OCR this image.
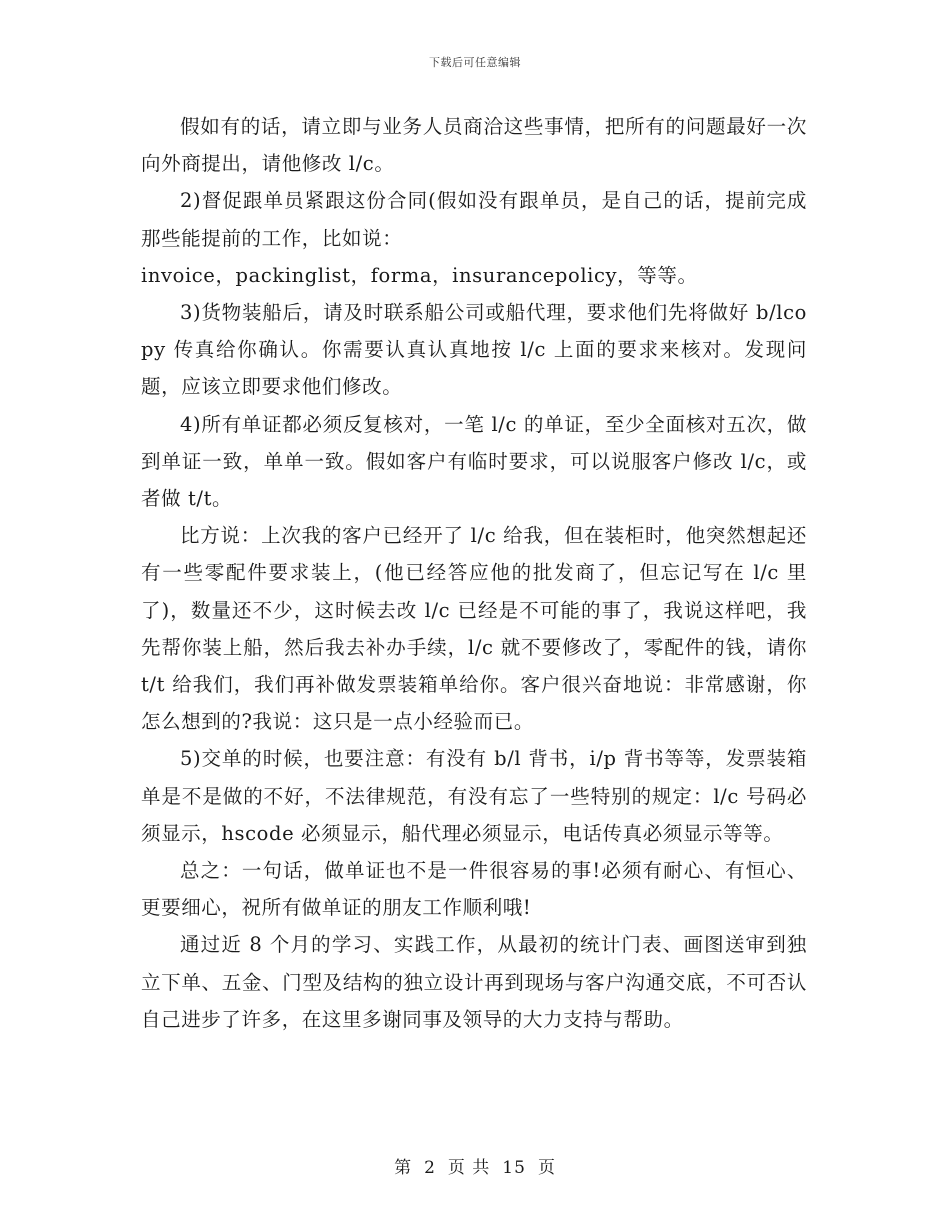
下载后可任意编辑

假如有的话，请立即与业务人员商洽这些事情，把所有的问题最好一次向外商提出，请他修改 l/c。

2)督促跟单员紧跟这份合同(假如没有跟单员，是自己的话，提前完成那些能提前的工作，比如说：

invoice，packinglist，forma，insurancepolicy，等等。

3)货物装船后，请及时联系船公司或船代理，要求他们先将做好 b/lcopy 传真给你确认。你需要认真认真地按 l/c 上面的要求来核对。发现问题，应该立即要求他们修改。

4)所有单证都必须反复核对，一笔 l/c 的单证，至少全面核对五次，做到单证一致，单单一致。假如客户有临时要求，可以说服客户修改 l/c，或者做 t/t。

比方说：上次我的客户已经开了 l/c 给我，但在装柜时，他突然想起还有一些零配件要求装上，(他已经答应他的批发商了，但忘记写在 l/c 里了)，数量还不少，这时候去改 l/c 已经是不可能的事了，我说这样吧，我先帮你装上船，然后我去补办手续，l/c 就不要修改了，零配件的钱，请你 t/t 给我们，我们再补做发票装箱单给你。客户很兴奋地说：非常感谢，你怎么想到的?我说：这只是一点小经验而已。

5)交单的时候，也要注意：有没有 b/l 背书，i/p 背书等等，发票装箱单是不是做的不好，不法律规范，有没有忘了一些特别的规定：l/c 号码必须显示，hscode 必须显示，船代理必须显示，电话传真必须显示等等。

总之：一句话，做单证也不是一件很容易的事!必须有耐心、有恒心、更要细心，祝所有做单证的朋友工作顺利哦!

通过近 8 个月的学习、实践工作，从最初的统计门表、画图送审到独立下单、五金、门型及结构的独立设计再到现场与客户沟通交底，不可否认自己进步了许多，在这里多谢同事及领导的大力支持与帮助。

第 2 页 共 15 页
